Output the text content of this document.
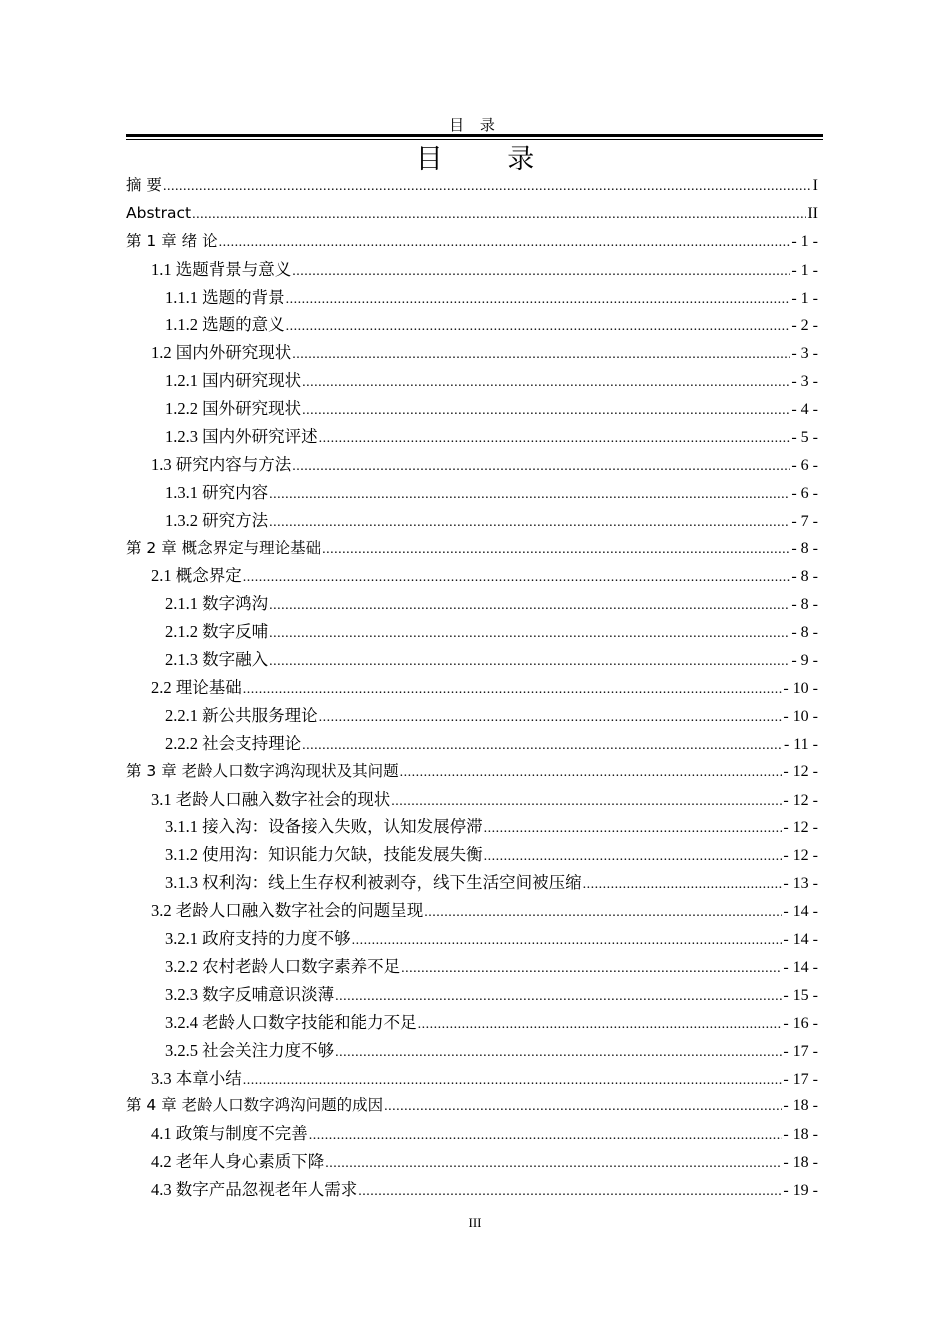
目 录
目 录
摘 要 .....	I
Abstract .....	II
第 1 章 绪 论 .....	- 1 -
1.1 选题背景与意义 .....	- 1 -
1.1.1 选题的背景 .....	- 1 -
1.1.2 选题的意义 .....	- 2 -
1.2 国内外研究现状 .....	- 3 -
1.2.1 国内研究现状 .....	- 3 -
1.2.2 国外研究现状 .....	- 4 -
1.2.3 国内外研究评述 .....	- 5 -
1.3 研究内容与方法 .....	- 6 -
1.3.1 研究内容 .....	- 6 -
1.3.2 研究方法 .....	- 7 -
第 2 章 概念界定与理论基础 .....	- 8 -
2.1 概念界定 .....	- 8 -
2.1.1 数字鸿沟 .....	- 8 -
2.1.2 数字反哺 .....	- 8 -
2.1.3 数字融入 .....	- 9 -
2.2 理论基础 .....	- 10 -
2.2.1 新公共服务理论 .....	- 10 -
2.2.2 社会支持理论 .....	- 11 -
第 3 章 老龄人口数字鸿沟现状及其问题 .....	- 12 -
3.1 老龄人口融入数字社会的现状 .....	- 12 -
3.1.1 接入沟：设备接入失败，认知发展停滞 .....	- 12 -
3.1.2 使用沟：知识能力欠缺，技能发展失衡 .....	- 12 -
3.1.3 权利沟：线上生存权利被剥夺，线下生活空间被压缩 .....	- 13 -
3.2 老龄人口融入数字社会的问题呈现 .....	- 14 -
3.2.1 政府支持的力度不够 .....	- 14 -
3.2.2 农村老龄人口数字素养不足 .....	- 14 -
3.2.3 数字反哺意识淡薄 .....	- 15 -
3.2.4 老龄人口数字技能和能力不足 .....	- 16 -
3.2.5 社会关注力度不够 .....	- 17 -
3.3 本章小结 .....	- 17 -
第 4 章 老龄人口数字鸿沟问题的成因 .....	- 18 -
4.1 政策与制度不完善 .....	- 18 -
4.2 老年人身心素质下降 .....	- 18 -
4.3 数字产品忽视老年人需求 .....	- 19 -
III
